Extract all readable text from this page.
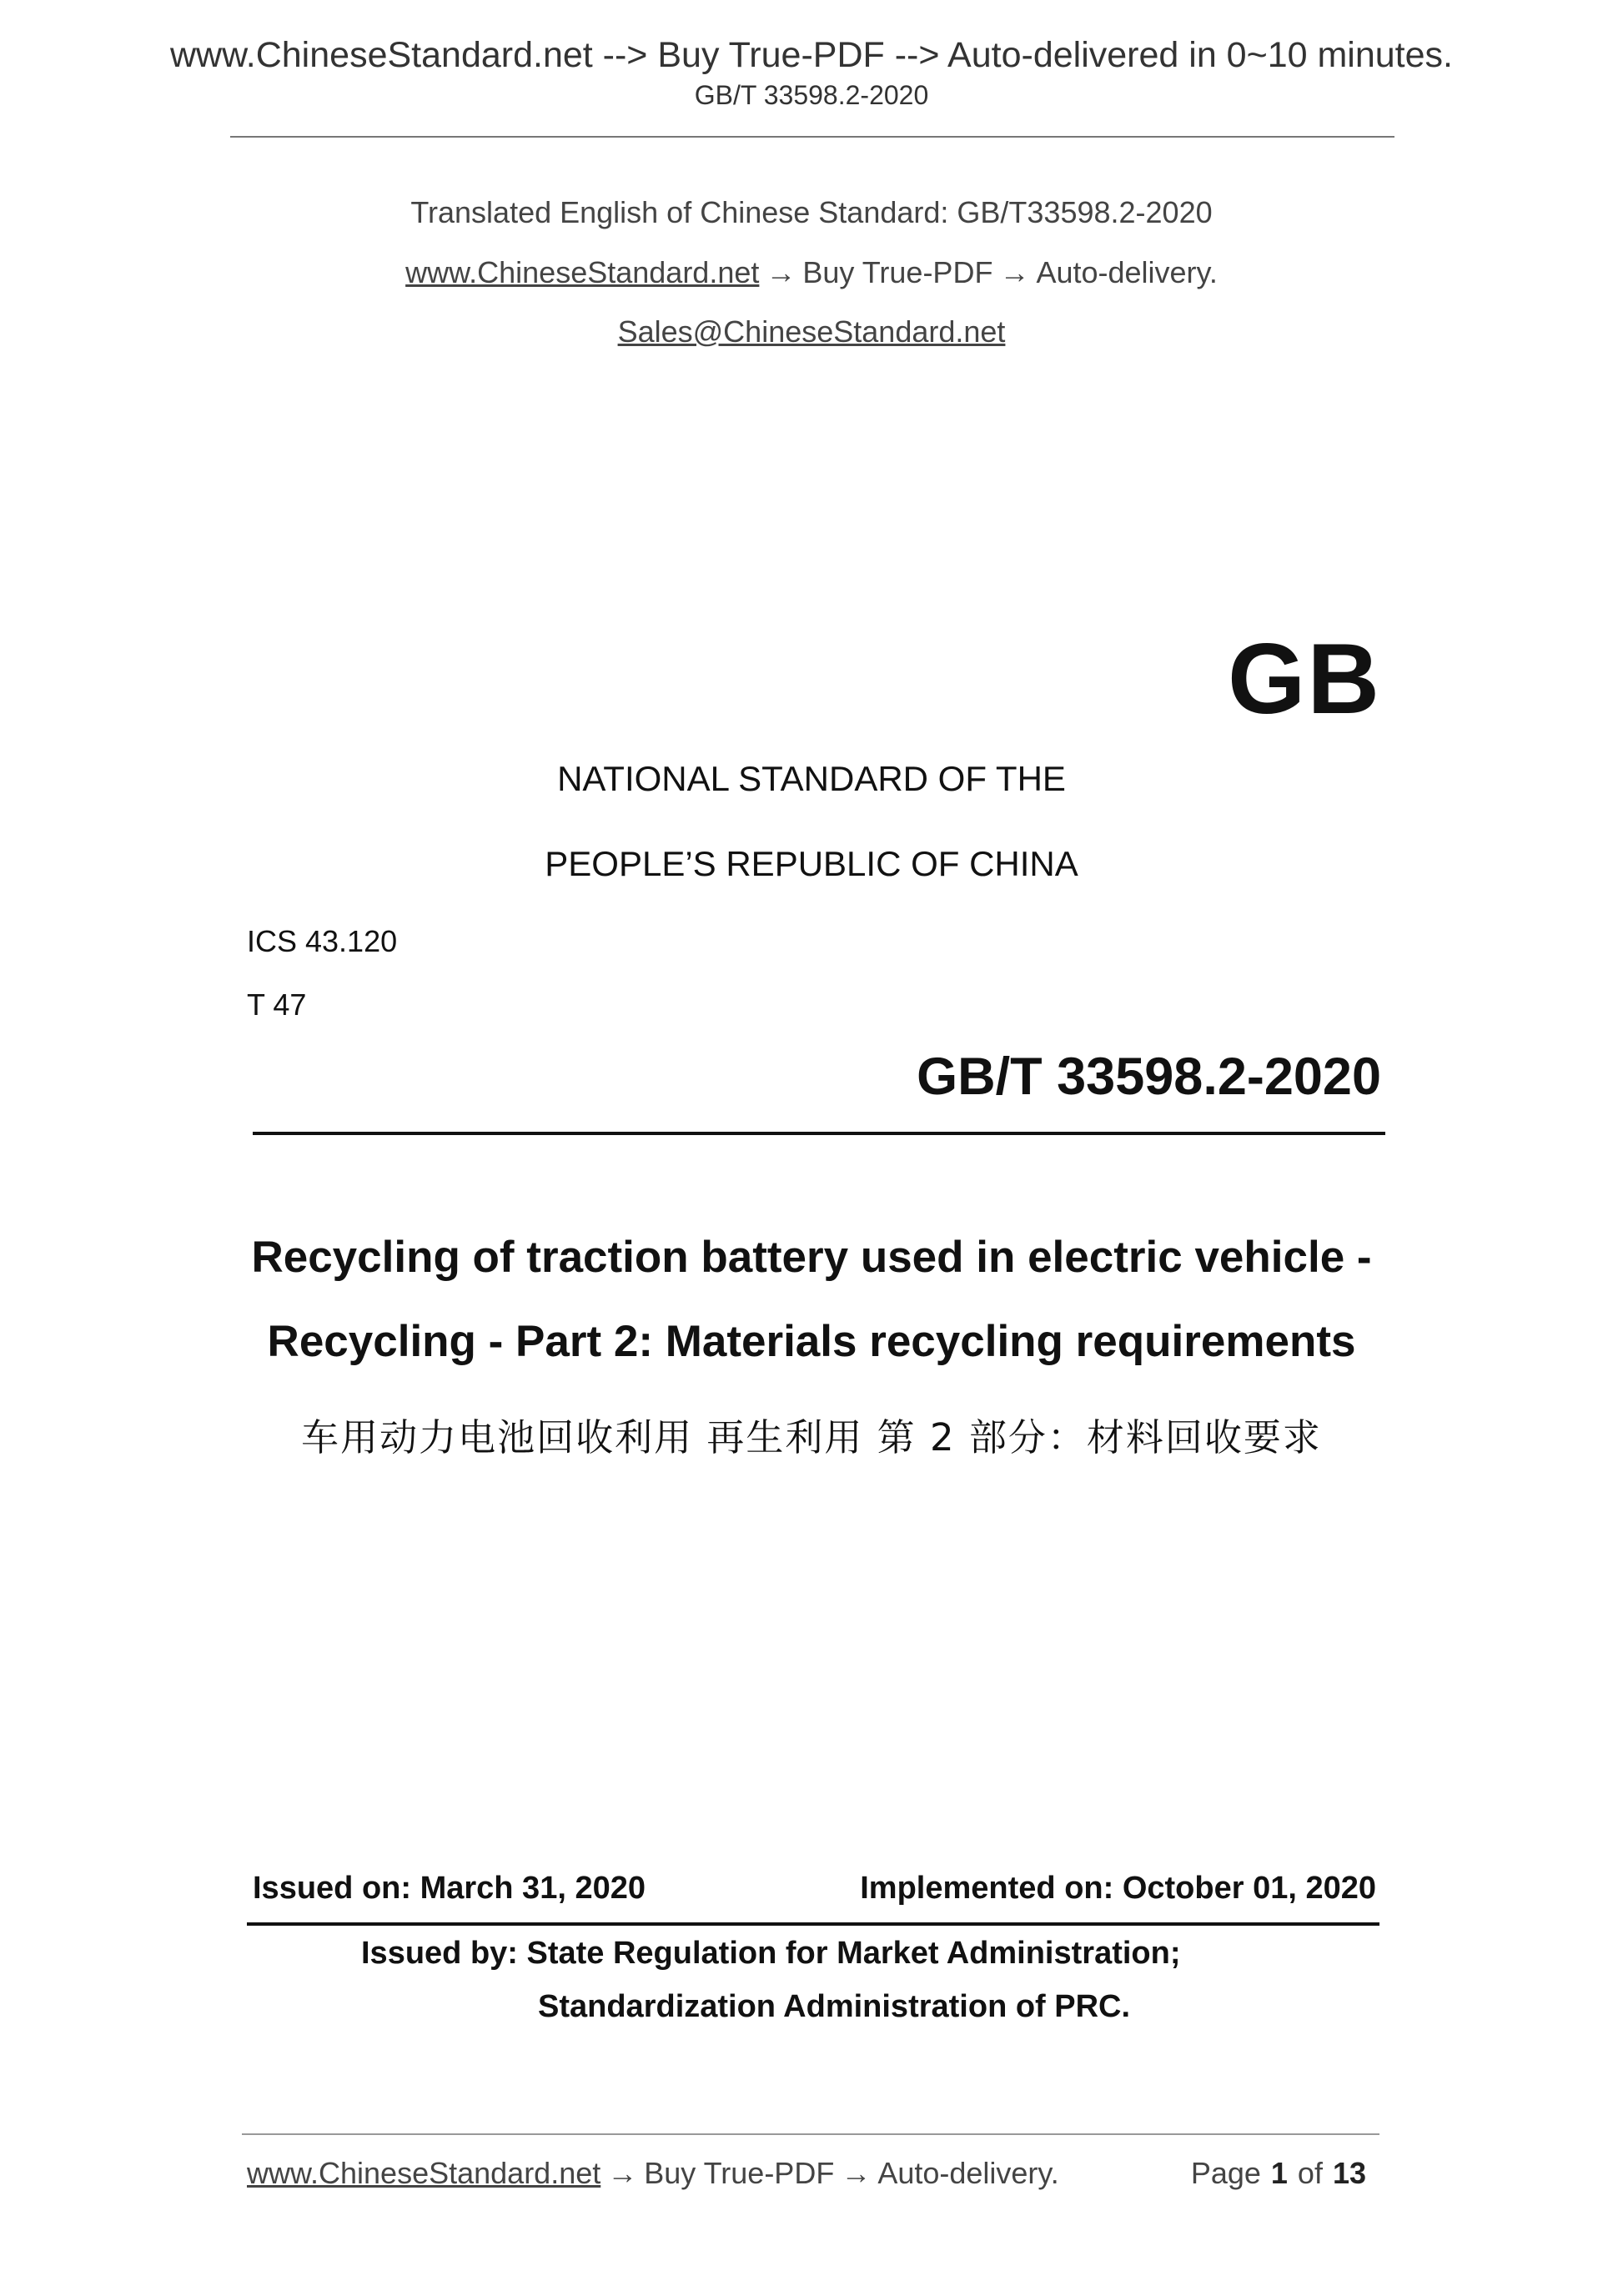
www.ChineseStandard.net --> Buy True-PDF --> Auto-delivered in 0~10 minutes.
GB/T 33598.2-2020
Translated English of Chinese Standard: GB/T33598.2-2020
www.ChineseStandard.net → Buy True-PDF → Auto-delivery.
Sales@ChineseStandard.net
GB
NATIONAL STANDARD OF THE
PEOPLE’S REPUBLIC OF CHINA
ICS 43.120
T 47
GB/T 33598.2-2020
Recycling of traction battery used in electric vehicle -
Recycling - Part 2: Materials recycling requirements
车用动力电池回收利用 再生利用 第 2 部分：材料回收要求
Issued on: March 31, 2020	Implemented on: October 01, 2020
Issued by: State Regulation for Market Administration;
Standardization Administration of PRC.
www.ChineseStandard.net → Buy True-PDF → Auto-delivery.	Page 1 of 13
